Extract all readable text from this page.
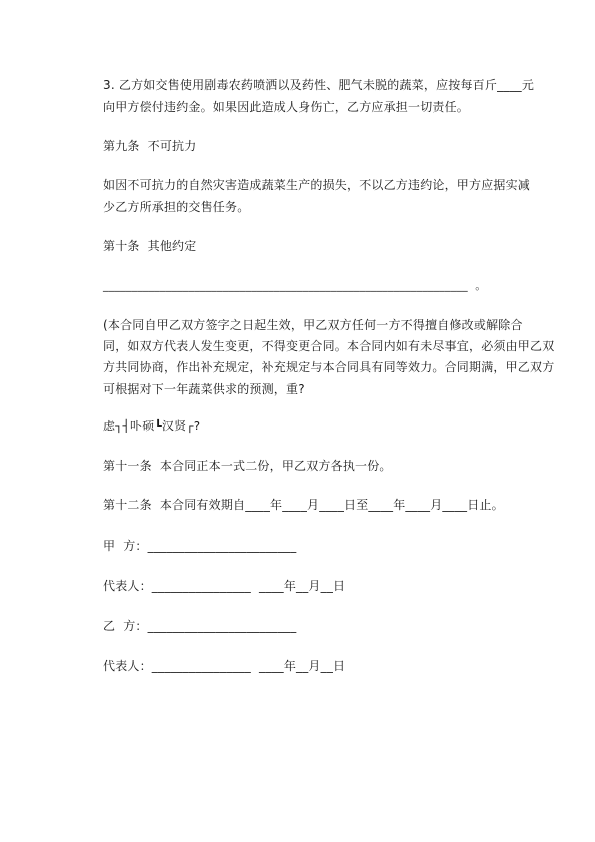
3. 乙方如交售使用剧毒农药喷洒以及药性、肥气未脱的蔬菜，应按每百斤____元
向甲方偿付违约金。如果因此造成人身伤亡，乙方应承担一切责任。
第九条  不可抗力
如因不可抗力的自然灾害造成蔬菜生产的损失，不以乙方违约论，甲方应据实减
少乙方所承担的交售任务。
第十条  其他约定
________________________________________________________________  。
(本合同自甲乙双方签字之日起生效，甲乙双方任何一方不得擅自修改或解除合
同，如双方代表人发生变更，不得变更合同。本合同内如有未尽事宜，必须由甲乙双
方共同协商，作出补充规定，补充规定与本合同具有同等效力。合同期满，甲乙双方
可根据对下一年蔬菜供求的预测，重?
虑┐┤卟硕┗汉贤┌?
第十一条  本合同正本一式二份，甲乙双方各执一份。
第十二条  本合同有效期自____年____月____日至____年____月____日止。
甲  方：________________________
代表人：________________  ____年__月__日
乙  方：________________________
代表人：________________  ____年__月__日
